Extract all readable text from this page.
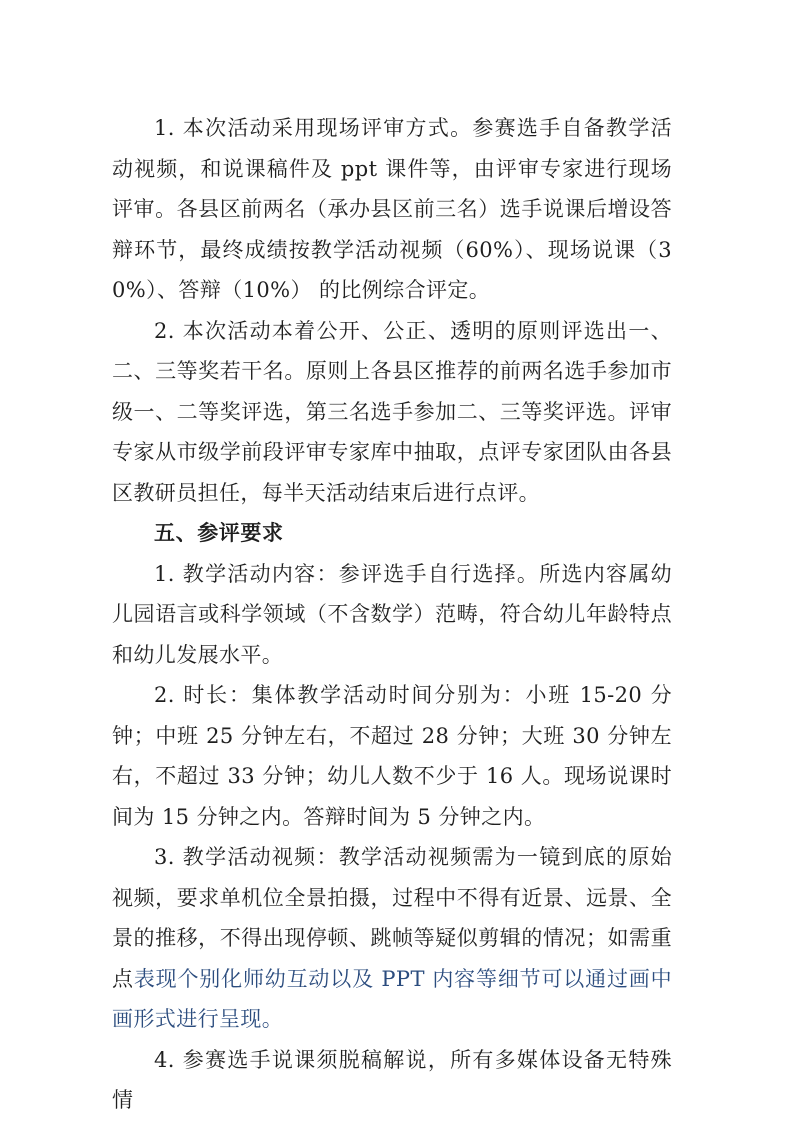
1. 本次活动采用现场评审方式。参赛选手自备教学活动视频，和说课稿件及 ppt 课件等，由评审专家进行现场评审。各县区前两名（承办县区前三名）选手说课后增设答辩环节，最终成绩按教学活动视频（60%）、现场说课（30%）、答辩（10%） 的比例综合评定。

2. 本次活动本着公开、公正、透明的原则评选出一、二、三等奖若干名。原则上各县区推荐的前两名选手参加市级一、二等奖评选，第三名选手参加二、三等奖评选。评审专家从市级学前段评审专家库中抽取，点评专家团队由各县区教研员担任，每半天活动结束后进行点评。

五、参评要求

1. 教学活动内容：参评选手自行选择。所选内容属幼儿园语言或科学领域（不含数学）范畴，符合幼儿年龄特点和幼儿发展水平。

2. 时长：集体教学活动时间分别为：小班 15-20 分钟；中班 25 分钟左右，不超过 28 分钟；大班 30 分钟左右，不超过 33 分钟；幼儿人数不少于 16 人。现场说课时间为 15 分钟之内。答辩时间为 5 分钟之内。

3. 教学活动视频：教学活动视频需为一镜到底的原始视频，要求单机位全景拍摄，过程中不得有近景、远景、全景的推移，不得出现停顿、跳帧等疑似剪辑的情况；如需重点表现个别化师幼互动以及 PPT 内容等细节可以通过画中画形式进行呈现。

4. 参赛选手说课须脱稿解说，所有多媒体设备无特殊情
